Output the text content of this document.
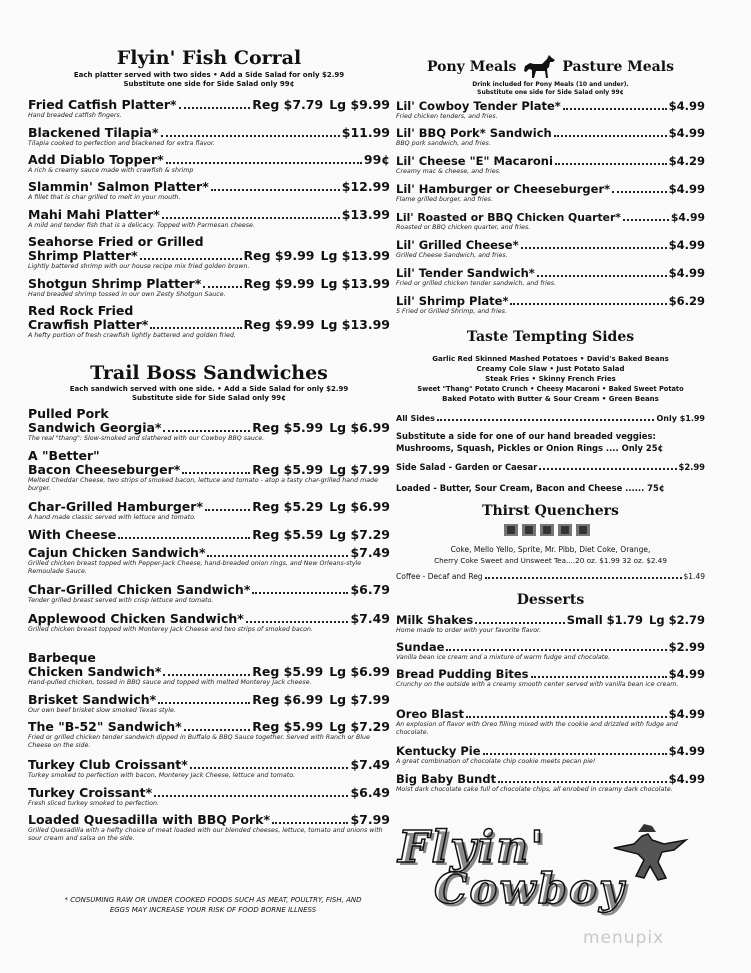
Flyin' Fish Corral
Each platter served with two sides • Add a Side Salad for only $2.99
Substitute one side for Side Salad only 99¢
Fried Catfish Platter*	Reg $7.79 Lg $9.99
Hand breaded catfish fingers.
Blackened Tilapia*	$11.99
Tilapia cooked to perfection and blackened for extra flavor.
Add Diablo Topper*	99¢
A rich & creamy sauce made with crawfish & shrimp
Slammin' Salmon Platter*	$12.99
A fillet that is char grilled to melt in your mouth.
Mahi Mahi Platter*	$13.99
A mild and tender fish that is a delicacy. Topped with Parmesan cheese.
Seahorse Fried or Grilled
Shrimp Platter*	Reg $9.99 Lg $13.99
Lightly battered shrimp with our house recipe mix fried golden brown.
Shotgun Shrimp Platter*	Reg $9.99 Lg $13.99
Hand breaded shrimp tossed in our own Zesty Shotgun Sauce.
Red Rock Fried
Crawfish Platter*	Reg $9.99 Lg $13.99
A hefty portion of fresh crawfish lightly battered and golden fried.
Trail Boss Sandwiches
Each sandwich served with one side. • Add a Side Salad for only $2.99
Substitute side for Side Salad only 99¢
Pulled Pork
Sandwich Georgia*	Reg $5.99 Lg $6.99
The real "thang": Slow-smoked and slathered with our Cowboy BBQ sauce.
A "Better"
Bacon Cheeseburger*	Reg $5.99 Lg $7.99
Melted Cheddar Cheese, two strips of smoked bacon, lettuce and tomato - atop a tasty char-grilled hand made burger.
Char-Grilled Hamburger*	Reg $5.29 Lg $6.99
A hand made classic served with lettuce and tomato.
With Cheese	Reg $5.59 Lg $7.29
Cajun Chicken Sandwich*	$7.49
Grilled chicken breast topped with Pepper-Jack Cheese, hand-breaded onion rings, and New Orleans-style Remoulade Sauce.
Char-Grilled Chicken Sandwich*	$6.79
Tender grilled breast served with crisp lettuce and tomato.
Applewood Chicken Sandwich*	$7.49
Grilled chicken breast topped with Monterey Jack Cheese and two strips of smoked bacon.
Barbeque
Chicken Sandwich*	Reg $5.99 Lg $6.99
Hand-pulled chicken, tossed in BBQ sauce and topped with melted Monterey Jack cheese.
Brisket Sandwich*	Reg $6.99 Lg $7.99
Our own beef brisket slow smoked Texas style.
The "B-52" Sandwich*	Reg $5.99 Lg $7.29
Fried or grilled chicken tender sandwich dipped in Buffalo & BBQ Sauce together. Served with Ranch or Blue Cheese on the side.
Turkey Club Croissant*	$7.49
Turkey smoked to perfection with bacon, Monterey Jack Cheese, lettuce and tomato.
Turkey Croissant*	$6.49
Fresh sliced turkey smoked to perfection.
Loaded Quesadilla with BBQ Pork*	$7.99
Grilled Quesadilla with a hefty choice of meat loaded with our blended cheeses, lettuce, tomato and onions with sour cream and salsa on the side.
* CONSUMING RAW OR UNDER COOKED FOODS SUCH AS MEAT, POULTRY, FISH, AND EGGS MAY INCREASE YOUR RISK OF FOOD BORNE ILLNESS
Pony Meals	Pasture Meals
Drink included for Pony Meals (10 and under).
Substitute one side for Side Salad only 99¢
Lil' Cowboy Tender Plate*	$4.99
Fried chicken tenders, and fries.
Lil' BBQ Pork* Sandwich	$4.99
BBQ pork sandwich, and fries.
Lil' Cheese "E" Macaroni	$4.29
Creamy mac & cheese, and fries.
Lil' Hamburger or Cheeseburger*	$4.99
Flame grilled burger, and fries.
Lil' Roasted or BBQ Chicken Quarter*	$4.99
Roasted or BBQ chicken quarter, and fries.
Lil' Grilled Cheese*	$4.99
Grilled Cheese Sandwich, and fries.
Lil' Tender Sandwich*	$4.99
Fried or grilled chicken tender sandwich, and fries.
Lil' Shrimp Plate*	$6.29
5 Fried or Grilled Shrimp, and fries.
Taste Tempting Sides
Garlic Red Skinned Mashed Potatoes • David's Baked Beans
Creamy Cole Slaw • Just Potato Salad
Steak Fries • Skinny French Fries
Sweet "Thang" Potato Crunch • Cheesy Macaroni • Baked Sweet Potato
Baked Potato with Butter & Sour Cream • Green Beans
All Sides	Only $1.99
Substitute a side for one of our hand breaded veggies:
Mushrooms, Squash, Pickles or Onion Rings .... Only 25¢
Side Salad - Garden or Caesar	$2.99
Loaded - Butter, Sour Cream, Bacon and Cheese ...... 75¢
Thirst Quenchers
Coke, Mello Yello, Sprite, Mr. Pibb, Diet Coke, Orange,
Cherry Coke Sweet and Unsweet Tea....20 oz. $1.99 32 oz. $2.49
Coffee - Decaf and Reg	$1.49
Desserts
Milk Shakes	Small $1.79 Lg $2.79
Home made to order with your favorite flavor.
Sundae	$2.99
Vanilla bean ice cream and a mixture of warm fudge and chocolate.
Bread Pudding Bites	$4.99
Crunchy on the outside with a creamy smooth center served with vanilla bean ice cream.
Oreo Blast	$4.99
An explosion of flavor with Oreo filling mixed with the cookie and drizzled with fudge and chocolate.
Kentucky Pie	$4.99
A great combination of chocolate chip cookie meets pecan pie!
Big Baby Bundt	$4.99
Moist dark chocolate cake full of chocolate chips, all enrobed in creamy dark chocolate.
Flyin'
Cowboy
menupix
